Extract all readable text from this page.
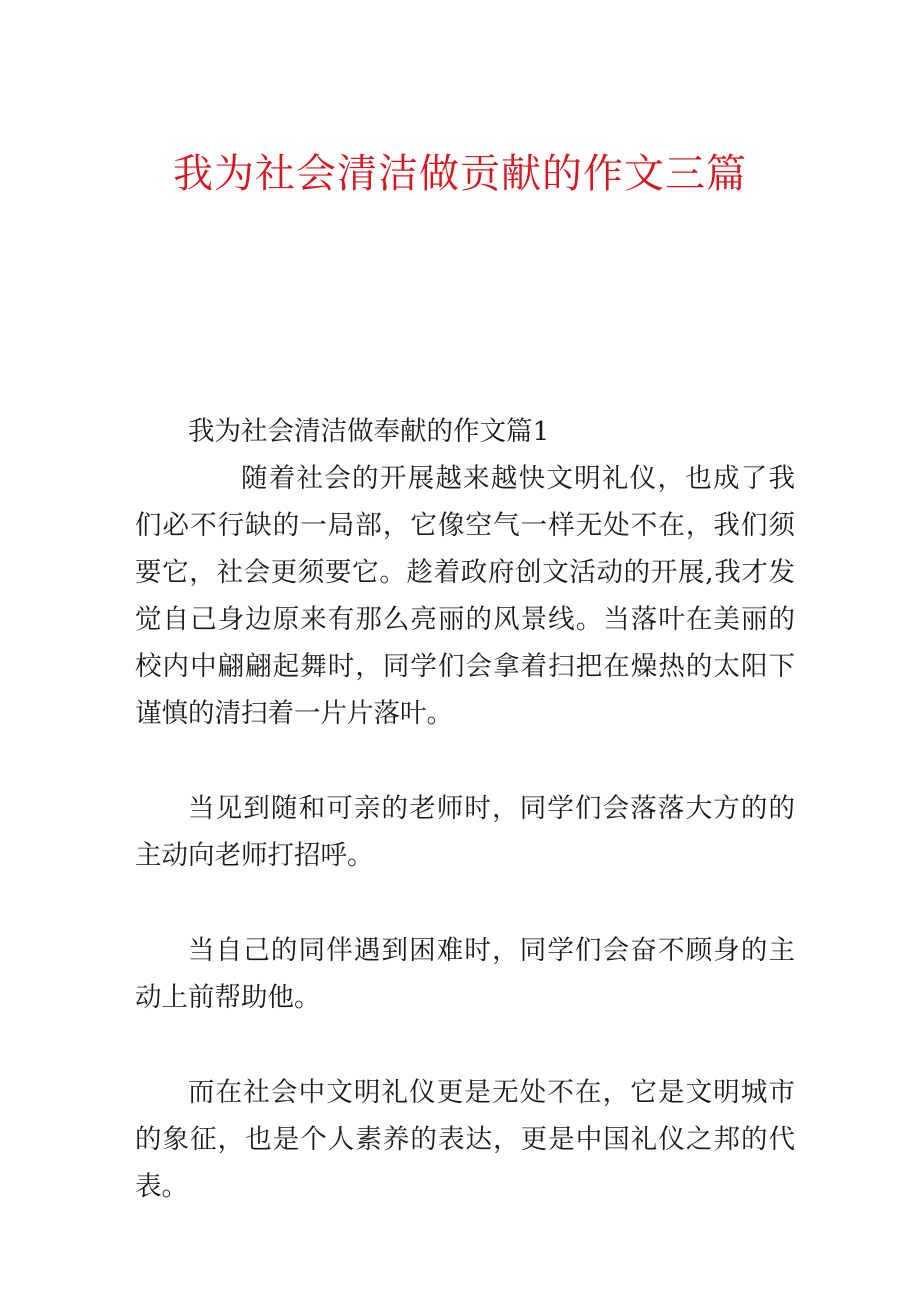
我为社会清洁做贡献的作文三篇

我为社会清洁做奉献的作文篇1

随着社会的开展越来越快文明礼仪，也成了我们必不行缺的一局部，它像空气一样无处不在，我们须要它，社会更须要它。趁着政府创文活动的开展,我才发觉自己身边原来有那么亮丽的风景线。当落叶在美丽的校内中翩翩起舞时，同学们会拿着扫把在燥热的太阳下谨慎的清扫着一片片落叶。

当见到随和可亲的老师时，同学们会落落大方的的主动向老师打招呼。

当自己的同伴遇到困难时，同学们会奋不顾身的主动上前帮助他。

而在社会中文明礼仪更是无处不在，它是文明城市的象征，也是个人素养的表达，更是中国礼仪之邦的代表。
